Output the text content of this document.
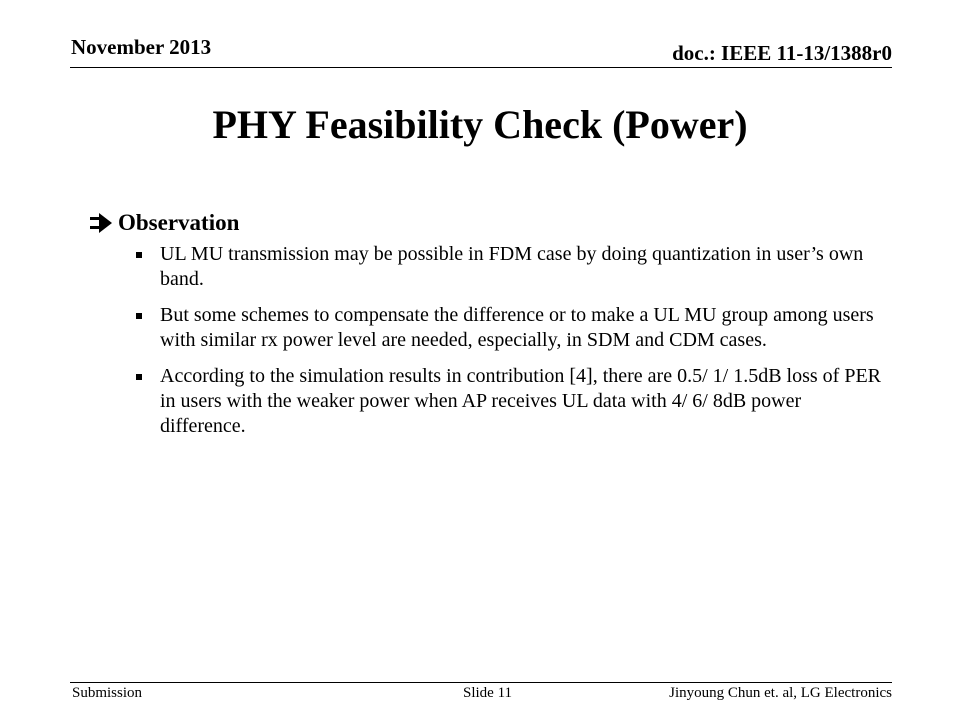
November 2013	doc.: IEEE 11-13/1388r0
PHY Feasibility Check (Power)
Observation
UL MU transmission may be possible in FDM case by doing quantization in user’s own band.
But some schemes to compensate the difference or to make a UL MU group among users with similar rx power level are needed, especially, in SDM and CDM cases.
According to the simulation results in contribution [4], there are 0.5/ 1/ 1.5dB loss of PER in users with the weaker power when AP receives UL data with 4/ 6/ 8dB power difference.
Submission	Slide 11	Jinyoung Chun et. al, LG Electronics
